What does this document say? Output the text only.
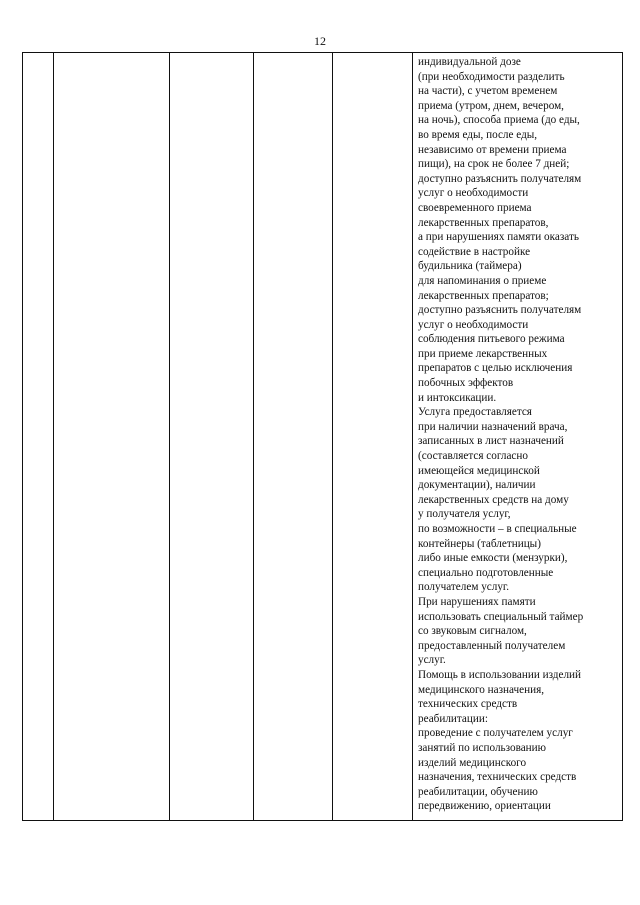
12
индивидуальной дозе
(при необходимости разделить
на части), с учетом временем
приема (утром, днем, вечером,
на ночь), способа приема (до еды,
во время еды, после еды,
независимо от времени приема
пищи), на срок не более 7 дней;
доступно разъяснить получателям
услуг о необходимости
своевременного приема
лекарственных препаратов,
а при нарушениях памяти оказать
содействие в настройке
будильника (таймера)
для напоминания о приеме
лекарственных препаратов;
доступно разъяснить получателям
услуг о необходимости
соблюдения питьевого режима
при приеме лекарственных
препаратов с целью исключения
побочных эффектов
и интоксикации.
Услуга предоставляется
при наличии назначений врача,
записанных в лист назначений
(составляется согласно
имеющейся медицинской
документации), наличии
лекарственных средств на дому
у получателя услуг,
по возможности – в специальные
контейнеры (таблетницы)
либо иные емкости (мензурки),
специально подготовленные
получателем услуг.
При нарушениях памяти
использовать специальный таймер
со звуковым сигналом,
предоставленный получателем
услуг.
Помощь в использовании изделий
медицинского назначения,
технических средств
реабилитации:
проведение с получателем услуг
занятий по использованию
изделий медицинского
назначения, технических средств
реабилитации, обучению
передвижению, ориентации
